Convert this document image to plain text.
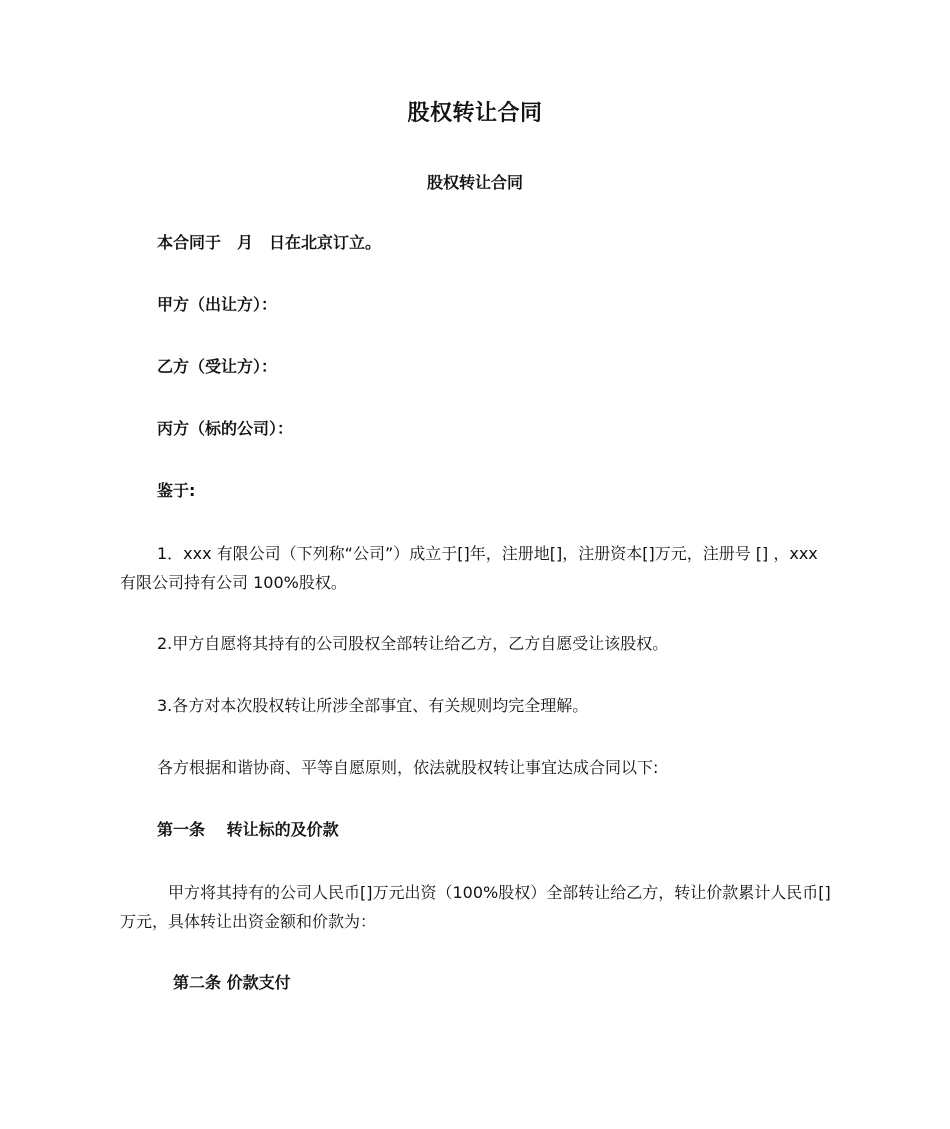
股权转让合同
股权转让合同
本合同于　月　日在北京订立。
甲方（出让方）：
乙方（受让方）：
丙方（标的公司）：
鉴于:
1．xxx 有限公司（下列称“公司”）成立于[]年，注册地[]，注册资本[]万元，注册号 [] ，xxx 有限公司持有公司 100%股权。
2.甲方自愿将其持有的公司股权全部转让给乙方，乙方自愿受让该股权。
3.各方对本次股权转让所涉全部事宜、有关规则均完全理解。
各方根据和谐协商、平等自愿原则，依法就股权转让事宜达成合同以下:
第一条　 转让标的及价款
甲方将其持有的公司人民币[]万元出资（100%股权）全部转让给乙方，转让价款累计人民币[]万元，具体转让出资金额和价款为：
第二条 价款支付
